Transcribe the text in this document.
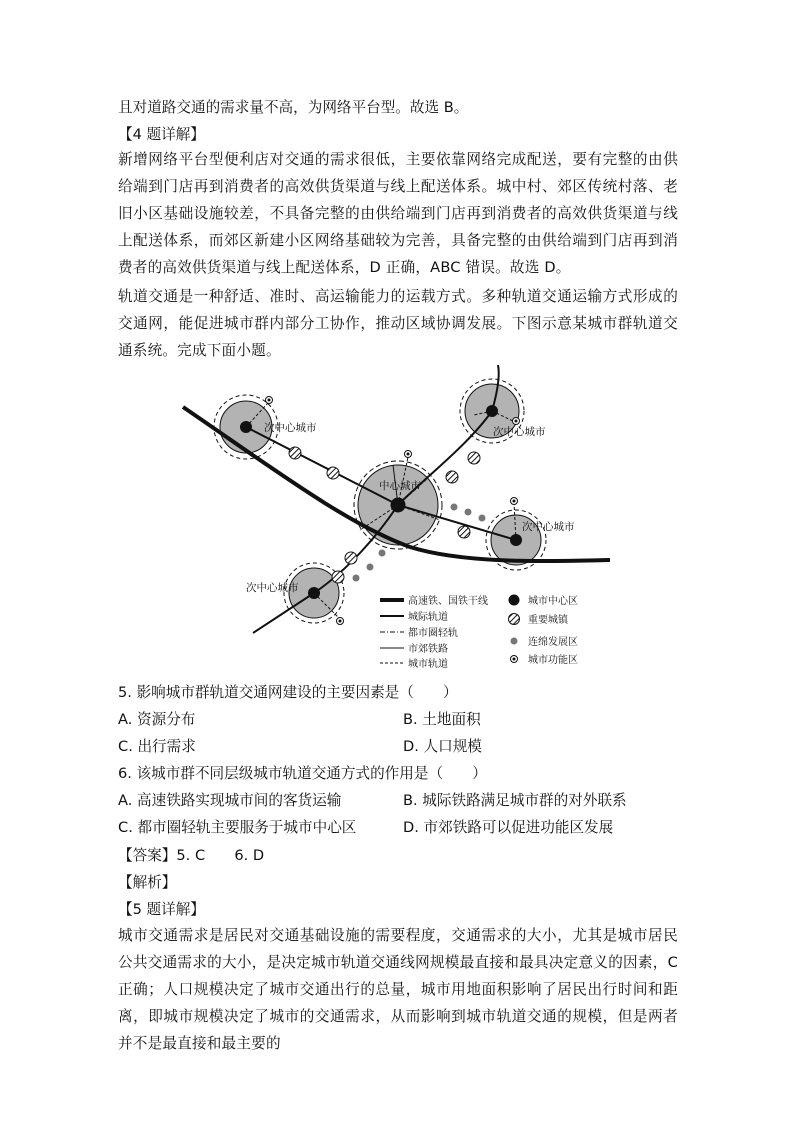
且对道路交通的需求量不高，为网络平台型。故选 B。

【4 题详解】

新增网络平台型便利店对交通的需求很低，主要依靠网络完成配送，要有完整的由供给端到门店再到消费者的高效供货渠道与线上配送体系。城中村、郊区传统村落、老旧小区基础设施较差，不具备完整的由供给端到门店再到消费者的高效供货渠道与线上配送体系，而郊区新建小区网络基础较为完善，具备完整的由供给端到门店再到消费者的高效供货渠道与线上配送体系，D 正确，ABC 错误。故选 D。

轨道交通是一种舒适、准时、高运输能力的运载方式。多种轨道交通运输方式形成的交通网，能促进城市群内部分工协作，推动区域协调发展。下图示意某城市群轨道交通系统。完成下面小题。

次中心城市	次中心城市
中心城市
次中心城市
次中心城市
高速铁、国铁干线
城际轨道
都市圈轻轨
市郊铁路
城市轨道
城市中心区
重要城镇
连绵发展区
城市功能区

5. 影响城市群轨道交通网建设的主要因素是（　　）

A. 资源分布	B. 土地面积
C. 出行需求	D. 人口规模

6. 该城市群不同层级城市轨道交通方式的作用是（　　）

A. 高速铁路实现城市间的客货运输	B. 城际铁路满足城市群的对外联系
C. 都市圈轻轨主要服务于城市中心区	D. 市郊铁路可以促进功能区发展

【答案】5. C　　6. D

【解析】

【5 题详解】

城市交通需求是居民对交通基础设施的需要程度，交通需求的大小，尤其是城市居民公共交通需求的大小，是决定城市轨道交通线网规模最直接和最具决定意义的因素，C 正确；人口规模决定了城市交通出行的总量，城市用地面积影响了居民出行时间和距离，即城市规模决定了城市的交通需求，从而影响到城市轨道交通的规模，但是两者并不是最直接和最主要的
